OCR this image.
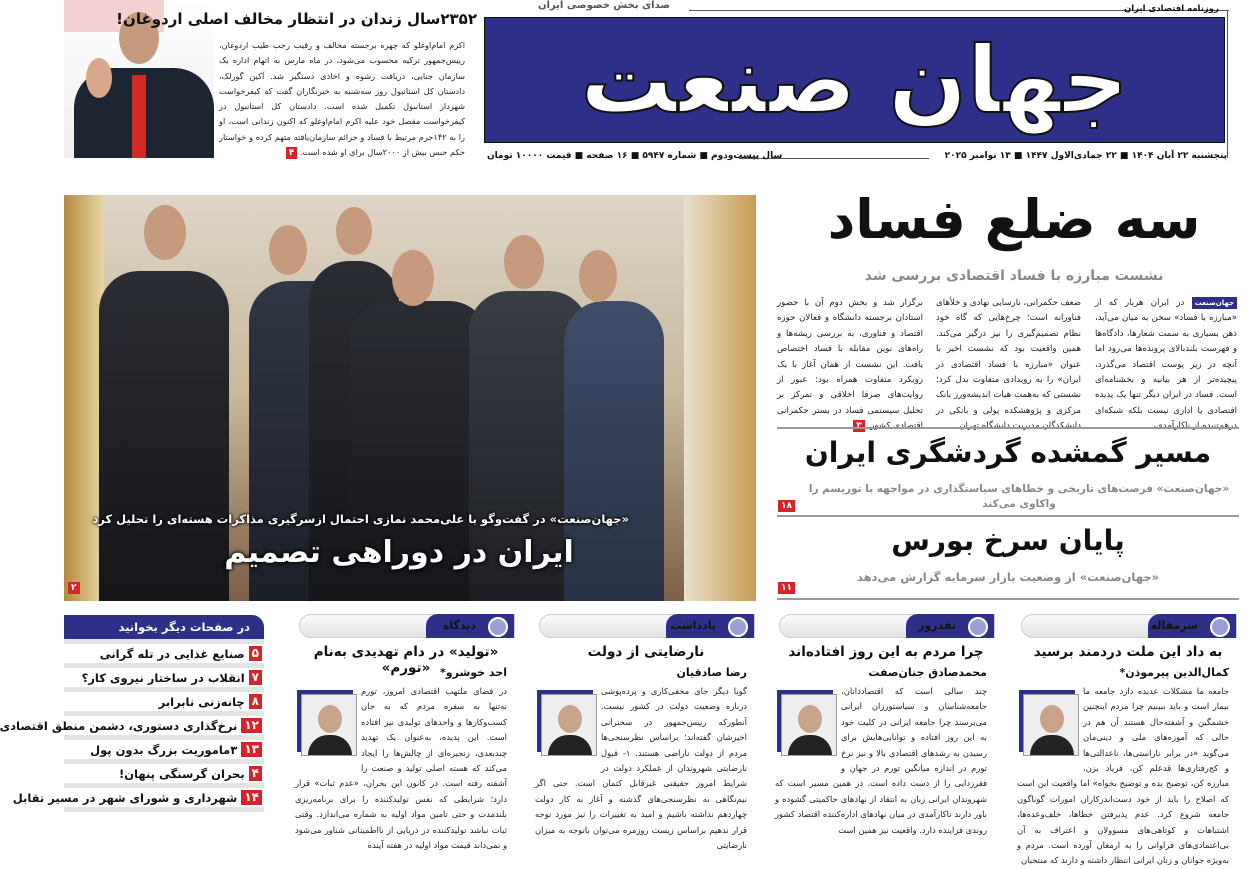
صدای بخش خصوصی ایران	روزنامه اقتصادی ایران
جهان صنعت
پنجشنبه ۲۲ آبان ۱۴۰۴ ■ ۲۲ جمادی‌الاول ۱۴۴۷ ■ ۱۳ نوامبر ۲۰۲۵
سال بیست‌ودوم ■ شماره ۵۹۴۷ ■ ۱۶ صفحه ■ قیمت ۱۰۰۰۰ تومان
۲۳۵۲سال زندان در انتظار مخالف اصلی اردوغان!
اکرم امام‌اوغلو که چهره برجسته مخالف و رقیب رجب طیب اردوغان، رییس‌جمهور ترکیه محسوب می‌شود، در ماه مارس به اتهام اداره یک سازمان جنایی، دریافت رشوه و اخاذی دستگیر شد. آکین گورلک، دادستان کل استانبول روز سه‌شنبه به خبرنگاران گفت که کیفرخواست شهردار استانبول تکمیل شده است. دادستان کل استانبول در کیفرخواست مفصل خود علیه اکرم امام‌اوغلو که اکنون زندانی است، او را به ۱۴۲جرم مرتبط با فساد و جرائم سازمان‌یافته متهم کرده و خواستار حکم حبس بیش از ۲۰۰۰سال برای او شده است. ۴
سه ضلع فساد
نشست مبارزه با فساد اقتصادی بررسی شد
جهان‌صنعت در ایران هربار که از «مبارزه با فساد» سخن به میان می‌آید، ذهن بسیاری به سمت شعارها، دادگاه‌ها و فهرست بلندبالای پرونده‌ها می‌رود اما آنچه در زیر پوست اقتصاد می‌گذرد، پیچیده‌تر از هر بیانیه و بخشنامه‌ای است. فساد در ایران دیگر تنها یک پدیده اقتصادی یا اداری نیست بلکه شبکه‌ای درهم‌تنیده از ناکارآمدی،
ضعف حکمرانی، نارسایی نهادی و خلأهای فناورانه است؛ چرخ‌هایی که گاه خود نظام تصمیم‌گیری را نیز درگیر می‌کند. همین واقعیت بود که نشست اخیر با عنوان «مبارزه با فساد اقتصادی در ایران» را به رویدادی متفاوت بدل کرد؛ نشستی که به‌همت هیات اندیشه‌ورز بانک مرکزی و پژوهشکده پولی و بانکی در دانشکدگان مدیریت دانشگاه تهران
برگزار شد و بخش دوم آن با حضور استادان برجسته دانشگاه و فعالان حوزه اقتصاد و فناوری، به بررسی ریشه‌ها و راه‌های نوین مقابله با فساد اختصاص یافت. این نشست از همان آغاز با یک رویکرد متفاوت همراه بود: عبور از روایت‌های صرفا اخلاقی و تمرکز بر تحلیل سیستمی فساد در بستر حکمرانی اقتصادی کشور. ۳
مسیر گمشده گردشگری ایران
«جهان‌صنعت» فرصت‌های تاریخی و خطاهای سیاستگذاری در مواجهه با توریسم را واکاوی می‌کند
۱۸
پایان سرخ بورس
«جهان‌صنعت» از وضعیت بازار سرمایه گزارش می‌دهد
۱۱
«جهان‌صنعت» در گفت‌وگو با علی‌محمد نمازی احتمال ازسرگیری مذاکرات هسته‌ای را تحلیل کرد
ایران در دوراهی تصمیم
۲
در صفحات دیگر بخوانید
۵
صنایع غذایی در تله گرانی
۷
انقلاب در ساختار نیروی کار؟
۸
چانه‌زنی نابرابر
۱۲
نرخ‌گذاری دستوری، دشمن منطق اقتصادی
۱۳
۳ماموریت بزرگ بدون پول
۴
بحران گرسنگی پنهان!
۱۴
شهرداری و شورای شهر در مسیر تقابل
سرمقاله
به داد این ملت دردمند برسید
کمال‌الدین پیرموذن*
جامعه ما مشکلات عدیده دارد جامعه ما بیمار است و باید ببینیم چرا مردم اینچنین خشمگین و آشفته‌حال هستند آن هم در حالی که آموزه‌های ملی و دینی‌مان می‌گوید «در برابر ناراستی‌ها، ناعدالتی‌ها و کج‌رفتاری‌ها قدعلم کن، فریاد بزن، مبارزه کن، توضیح بده و توضیح بخواه» اما واقعیت این است که اصلاح را باید از خود دست‌اندرکاران امورات گوناگون جامعه شروع کرد. عدم پذیرفتن خطاها، خلف‌وعده‌ها، اشتباهات و کوتاهی‌های مسوولان و اعتراف به آن بی‌اعتمادی‌های فراوانی را به ارمغان آورده است. مردم و به‌ویژه جوانان و زنان ایرانی انتظار داشته و دارند که منتخبان
نقدروز
چرا مردم به این روز افتاده‌اند
محمدصادق جنان‌صفت
چند سالی است که اقتصاددانان، جامعه‌شناسان و سیاستورزان ایرانی می‌پرسند چرا جامعه ایرانی در کلیت خود به این روز افتاده و توانایی‌هایش برای رسیدن به رشدهای اقتصادی بالا و نیز نرخ تورم در اندازه میانگین تورم در جهان و فقرزدایی را از دست داده است. در همین مسیر است که شهروندان ایرانی زبان به انتقاد از نهادهای حاکمیتی گشوده و باور دارند ناکارآمدی در میان نهادهای اداره‌کننده اقتصاد کشور روندی فزاینده دارد. واقعیت نیز همین است
یادداشت
نارضایتی از دولت
رضا صادقیان
گویا دیگر جای مخفی‌کاری و پرده‌پوشی درباره وضعیت دولت در کشور نیست. آنطورکه رییس‌جمهور در سخنرانی اخیرشان گفته‌اند؛ براساس نظرسنجی‌ها مردم از دولت ناراضی هستند. ۱- قبول نارضایتی شهروندان از عملکرد دولت در شرایط امروز حقیقتی غیرقابل کتمان است. حتی اگر نیم‌نگاهی به نظرسنجی‌های گذشته و آغاز به کار دولت چهاردهم نداشته باشیم و امید به تغییرات را نیز مورد توجه قرار ندهیم براساس زیست روزمره می‌توان باتوجه به میزان نارضایتی
دیدگاه
«تولید» در دام تهدیدی به‌نام «تورم» احد خوشرو*
در فضای ملتهب اقتصادی امروز، تورم نه‌تنها به سفره مردم که به جان کسب‌وکارها و واحدهای تولیدی نیز افتاده است. این پدیده، به‌عنوان یک تهدید چندبعدی، زنجیره‌ای از چالش‌ها را ایجاد می‌کند که هسته اصلی تولید و صنعت را آشفته رفته است. در کانون این بحران، «عدم ثبات» قرار دارد؛ شرایطی که نفس تولیدکننده را برای برنامه‌ریزی بلندمدت و حتی تامین مواد اولیه به شماره می‌اندازد. وقتی ثبات نباشد تولیدکننده در دریایی از نااطمینانی شناور می‌شود و نمی‌داند قیمت مواد اولیه در هفته آینده
